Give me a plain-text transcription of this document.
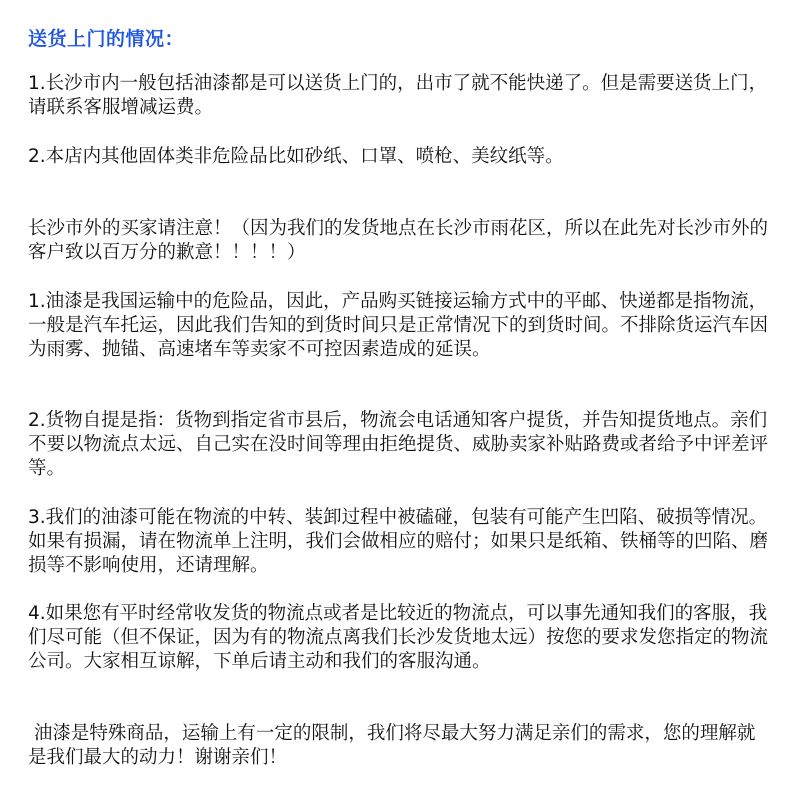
送货上门的情况：
1.长沙市内一般包括油漆都是可以送货上门的，出市了就不能快递了。但是需要送货上门，请联系客服增减运费。
2.本店内其他固体类非危险品比如砂纸、口罩、喷枪、美纹纸等。
长沙市外的买家请注意！（因为我们的发货地点在长沙市雨花区，所以在此先对长沙市外的客户致以百万分的歉意！！！！）
1.油漆是我国运输中的危险品，因此，产品购买链接运输方式中的平邮、快递都是指物流，一般是汽车托运，因此我们告知的到货时间只是正常情况下的到货时间。不排除货运汽车因为雨雾、抛锚、高速堵车等卖家不可控因素造成的延误。
2.货物自提是指：货物到指定省市县后，物流会电话通知客户提货，并告知提货地点。亲们不要以物流点太远、自己实在没时间等理由拒绝提货、威胁卖家补贴路费或者给予中评差评等。
3.我们的油漆可能在物流的中转、装卸过程中被磕碰，包装有可能产生凹陷、破损等情况。如果有损漏，请在物流单上注明，我们会做相应的赔付；如果只是纸箱、铁桶等的凹陷、磨损等不影响使用，还请理解。
4.如果您有平时经常收发货的物流点或者是比较近的物流点，可以事先通知我们的客服，我们尽可能（但不保证，因为有的物流点离我们长沙发货地太远）按您的要求发您指定的物流公司。大家相互谅解，下单后请主动和我们的客服沟通。
油漆是特殊商品，运输上有一定的限制，我们将尽最大努力满足亲们的需求，您的理解就是我们最大的动力！谢谢亲们！
